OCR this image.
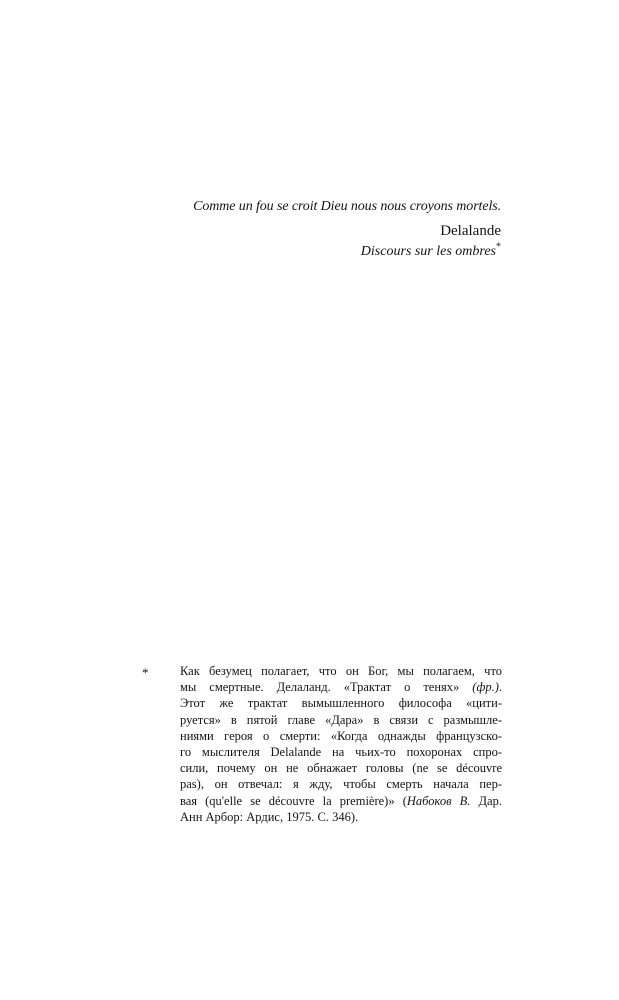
Comme un fou se croit Dieu nous nous croyons mortels.

Delalande

Discours sur les ombres*

*	Как безумец полагает, что он Бог, мы полагаем, что
мы смертные. Делаланд. «Трактат о тенях» (фр.).
Этот же трактат вымышленного философа «цити-
руется» в пятой главе «Дара» в связи с размышле-
ниями героя о смерти: «Когда однажды французско-
го мыслителя Delalande на чьих-то похоронах спро-
сили, почему он не обнажает головы (ne se découvre
pas), он отвечал: я жду, чтобы смерть начала пер-
вая (qu'elle se découvre la première)» (Набоков В. Дар.
Анн Арбор: Ардис, 1975. С. 346).
